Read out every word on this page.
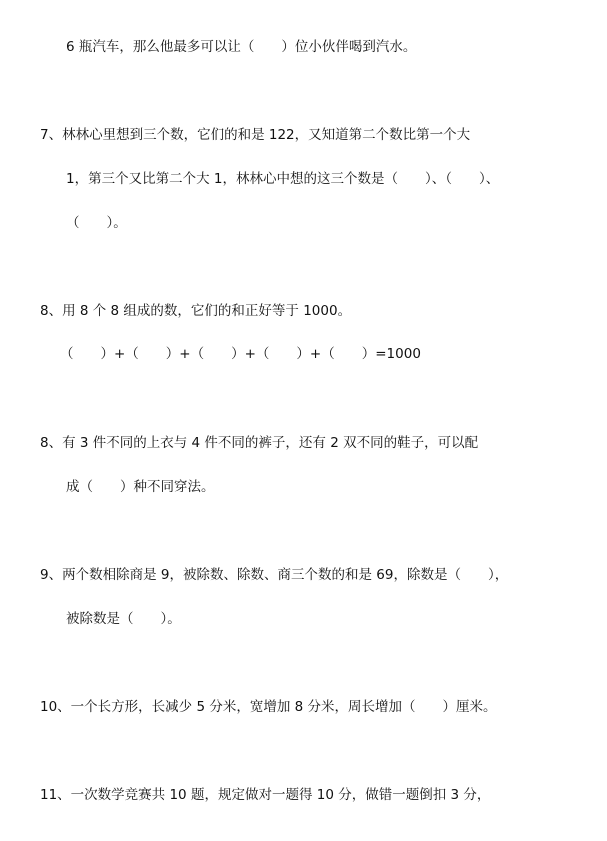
6 瓶汽车，那么他最多可以让（　　）位小伙伴喝到汽水。
7、林林心里想到三个数，它们的和是 122，又知道第二个数比第一个大
1，第三个又比第二个大 1，林林心中想的这三个数是（　　）、（　　）、
（　　）。
8、用 8 个 8 组成的数，它们的和正好等于 1000。
（　　）+（　　）+（　　）+（　　）+（　　）=1000
8、有 3 件不同的上衣与 4 件不同的裤子，还有 2 双不同的鞋子，可以配
成（　　）种不同穿法。
9、两个数相除商是 9，被除数、除数、商三个数的和是 69，除数是（　　），
被除数是（　　）。
10、一个长方形，长减少 5 分米，宽增加 8 分米，周长增加（　　）厘米。
11、一次数学竞赛共 10 题，规定做对一题得 10 分，做错一题倒扣 3 分，
